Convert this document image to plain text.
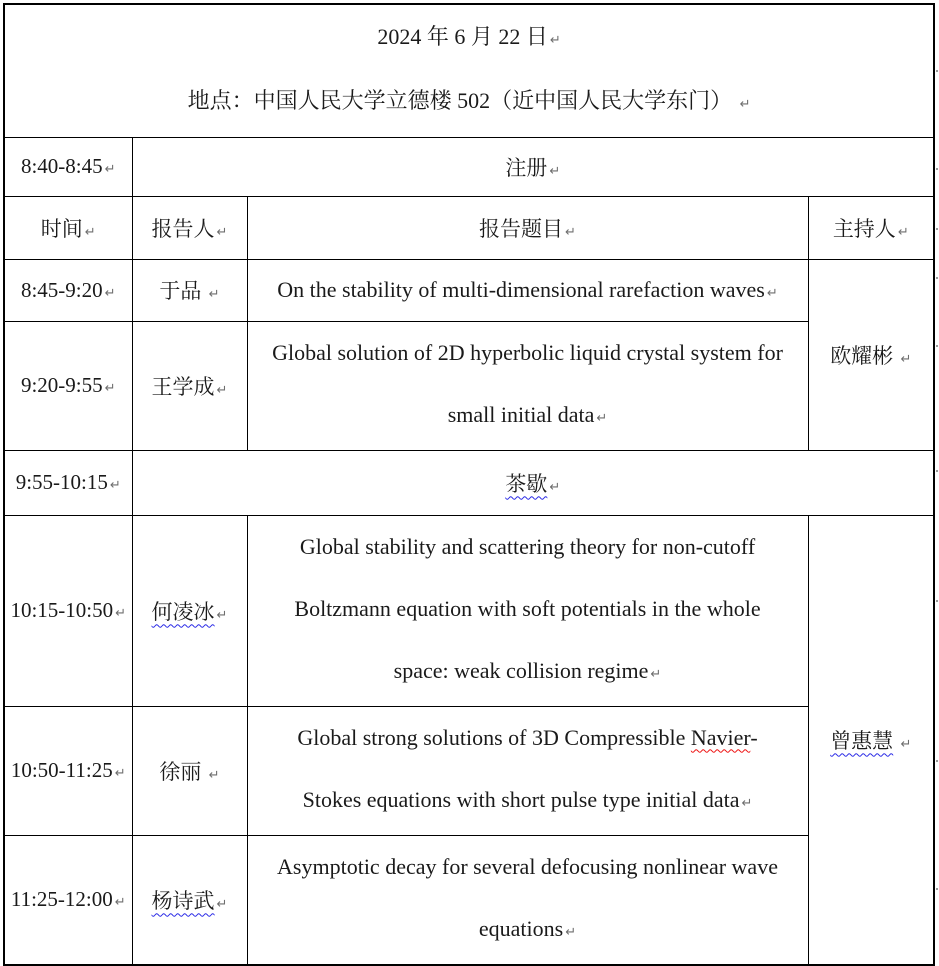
2024 年 6 月 22 日 ↵
地点：中国人民大学立德楼 502（近中国人民大学东门） ↵			

8:40-8:45 ↵	注册 ↵		
时间 ↵	报告人 ↵	报告题目 ↵	主持人 ↵
8:45-9:20 ↵	于品 ↵	On the stability of multi-dimensional rarefaction waves ↵	欧耀彬 ↵
9:20-9:55 ↵	王学成 ↵	Global solution of 2D hyperbolic liquid crystal system for
small initial data ↵	

9:55-10:15 ↵	茶歇 ↵		
10:15-10:50 ↵	何凌冰 ↵	Global stability and scattering theory for non-cutoff
Boltzmann equation with soft potentials in the whole
space: weak collision regime ↵	曾惠慧 ↵
10:50-11:25 ↵	徐丽 ↵	Global strong solutions of 3D Compressible Navier-
Stokes equations with short pulse type initial data ↵	

11:25-12:00 ↵	杨诗武 ↵	Asymptotic decay for several defocusing nonlinear wave
equations ↵	
